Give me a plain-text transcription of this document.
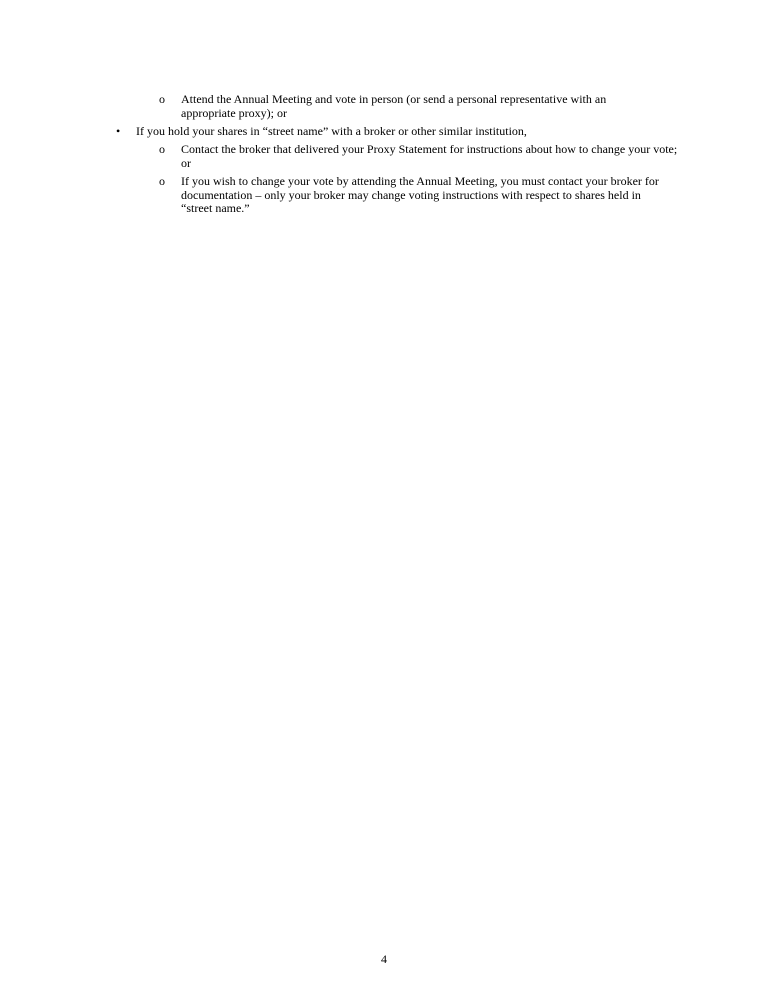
o Attend the Annual Meeting and vote in person (or send a personal representative with an appropriate proxy); or
• If you hold your shares in “street name” with a broker or other similar institution,
o Contact the broker that delivered your Proxy Statement for instructions about how to change your vote; or
o If you wish to change your vote by attending the Annual Meeting, you must contact your broker for documentation – only your broker may change voting instructions with respect to shares held in “street name.”
4
